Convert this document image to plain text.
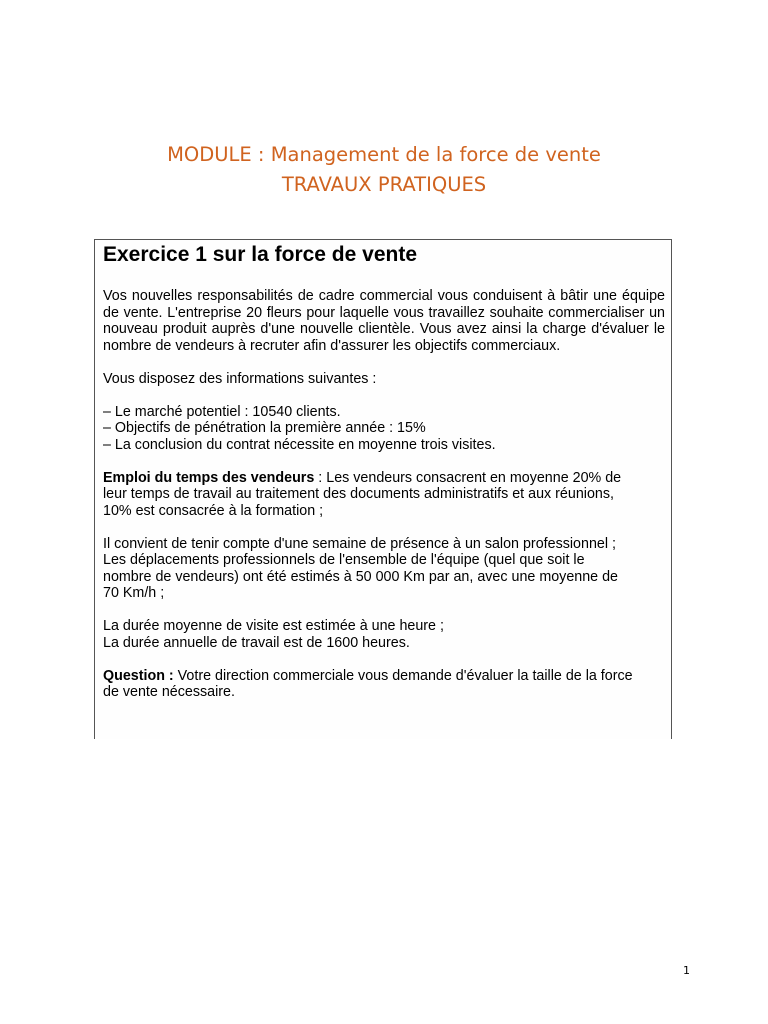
MODULE : Management de la force de vente
TRAVAUX PRATIQUES
Exercice 1 sur la force de vente

Vos nouvelles responsabilités de cadre commercial vous conduisent à bâtir une équipe de vente. L'entreprise 20 fleurs pour laquelle vous travaillez souhaite commercialiser un nouveau produit auprès d'une nouvelle clientèle. Vous avez ainsi la charge d'évaluer le nombre de vendeurs à recruter afin d'assurer les objectifs commerciaux.

Vous disposez des informations suivantes :

– Le marché potentiel : 10540 clients.

– Objectifs de pénétration la première année : 15%

– La conclusion du contrat nécessite en moyenne trois visites.

Emploi du temps des vendeurs : Les vendeurs consacrent en moyenne 20% de

leur temps de travail au traitement des documents administratifs et aux réunions,

10% est consacrée à la formation ;

Il convient de tenir compte d'une semaine de présence à un salon professionnel ;

Les déplacements professionnels de l'ensemble de l'équipe (quel que soit le

nombre de vendeurs) ont été estimés à 50 000 Km par an, avec une moyenne de

70 Km/h ;

La durée moyenne de visite est estimée à une heure ;

La durée annuelle de travail est de 1600 heures.

Question : Votre direction commerciale vous demande d'évaluer la taille de la force

de vente nécessaire.

1
